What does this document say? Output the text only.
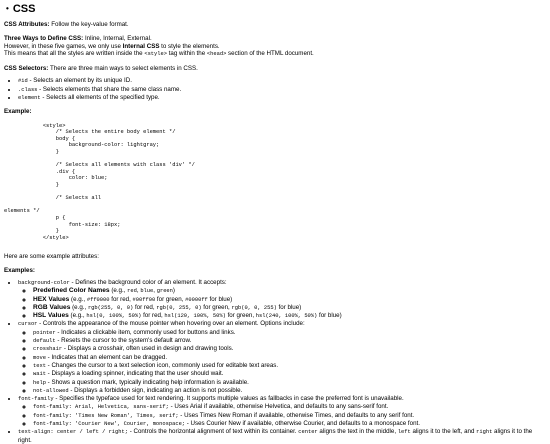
• CSS

CSS Attributes: Follow the key-value format.

Three Ways to Define CSS: Inline, Internal, External.
However, in these five games, we only use Internal CSS to style the elements.
This means that all the styles are written inside the <style> tag within the <head> section of the HTML document.

CSS Selectors: There are three main ways to select elements in CSS.

• #id - Selects an element by its unique ID.
• .class - Selects elements that share the same class name.
• element - Selects all elements of the specified type.

Example:

<style>
/* Selects the entire body element */
body {
background-color: lightgray;
}

/* Selects all elements with class 'div' */
.div {
color: blue;
}

/* Selects all

elements */
p {
font-size: 18px;
}
</style>

Here are some example attributes:

Examples:

• background-color - Defines the background color of an element. It accepts:
◦ Predefined Color Names (e.g., red, blue, green)
◦ HEX Values (e.g., #ff0000 for red, #00ff00 for green, #0000ff for blue)
◦ RGB Values (e.g., rgb(255, 0, 0) for red, rgb(0, 255, 0) for green, rgb(0, 0, 255) for blue)
◦ HSL Values (e.g., hsl(0, 100%, 50%) for red, hsl(120, 100%, 50%) for green, hsl(240, 100%, 50%) for blue)
• cursor - Controls the appearance of the mouse pointer when hovering over an element. Options include:
◦ pointer - Indicates a clickable item, commonly used for buttons and links.
◦ default - Resets the cursor to the system's default arrow.
◦ crosshair - Displays a crosshair, often used in design and drawing tools.
◦ move - Indicates that an element can be dragged.
◦ text - Changes the cursor to a text selection icon, commonly used for editable text areas.
◦ wait - Displays a loading spinner, indicating that the user should wait.
◦ help - Shows a question mark, typically indicating help information is available.
◦ not-allowed - Displays a forbidden sign, indicating an action is not possible.
• font-family - Specifies the typeface used for text rendering. It supports multiple values as fallbacks in case the preferred font is unavailable.
◦ font-family: Arial, Helvetica, sans-serif; - Uses Arial if available, otherwise Helvetica, and defaults to any sans-serif font.
◦ font-family: 'Times New Roman', Times, serif; - Uses Times New Roman if available, otherwise Times, and defaults to any serif font.
◦ font-family: 'Courier New', Courier, monospace; - Uses Courier New if available, otherwise Courier, and defaults to a monospace font.
• text-align: center / left / right; - Controls the horizontal alignment of text within its container. center aligns the text in the middle, left aligns it to the left, and right aligns it to the right.
